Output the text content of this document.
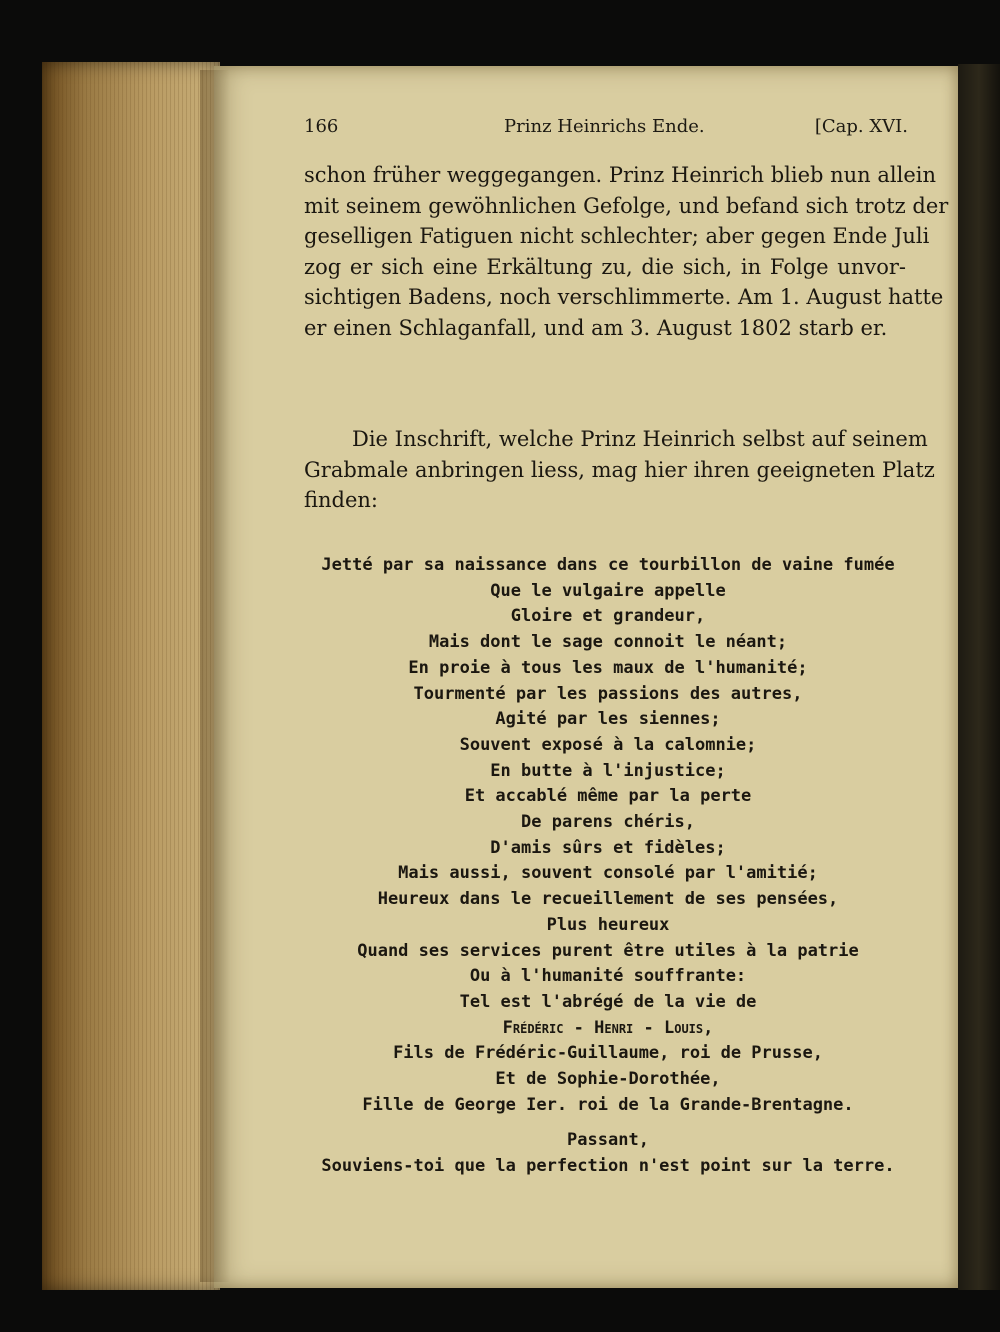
166	Prinz Heinrichs Ende.	[Cap. XVI.
schon früher weggegangen. Prinz Heinrich blieb nun allein
mit seinem gewöhnlichen Gefolge, und befand sich trotz der
geselligen Fatiguen nicht schlechter; aber gegen Ende Juli
zog er sich eine Erkältung zu, die sich, in Folge unvor-
sichtigen Badens, noch verschlimmerte. Am 1. August hatte
er einen Schlaganfall, und am 3. August 1802 starb er.
Die Inschrift, welche Prinz Heinrich selbst auf seinem
Grabmale anbringen liess, mag hier ihren geeigneten Platz
finden:
Jetté par sa naissance dans ce tourbillon de vaine fumée
Que le vulgaire appelle
Gloire et grandeur,
Mais dont le sage connoit le néant;
En proie à tous les maux de l'humanité;
Tourmenté par les passions des autres,
Agité par les siennes;
Souvent exposé à la calomnie;
En butte à l'injustice;
Et accablé même par la perte
De parens chéris,
D'amis sûrs et fidèles;
Mais aussi, souvent consolé par l'amitié;
Heureux dans le recueillement de ses pensées,
Plus heureux
Quand ses services purent être utiles à la patrie
Ou à l'humanité souffrante:
Tel est l'abrégé de la vie de
Frédéric - Henri - Louis,
Fils de Frédéric-Guillaume, roi de Prusse,
Et de Sophie-Dorothée,
Fille de George Ier. roi de la Grande-Brentagne.
Passant,
Souviens-toi que la perfection n'est point sur la terre.
